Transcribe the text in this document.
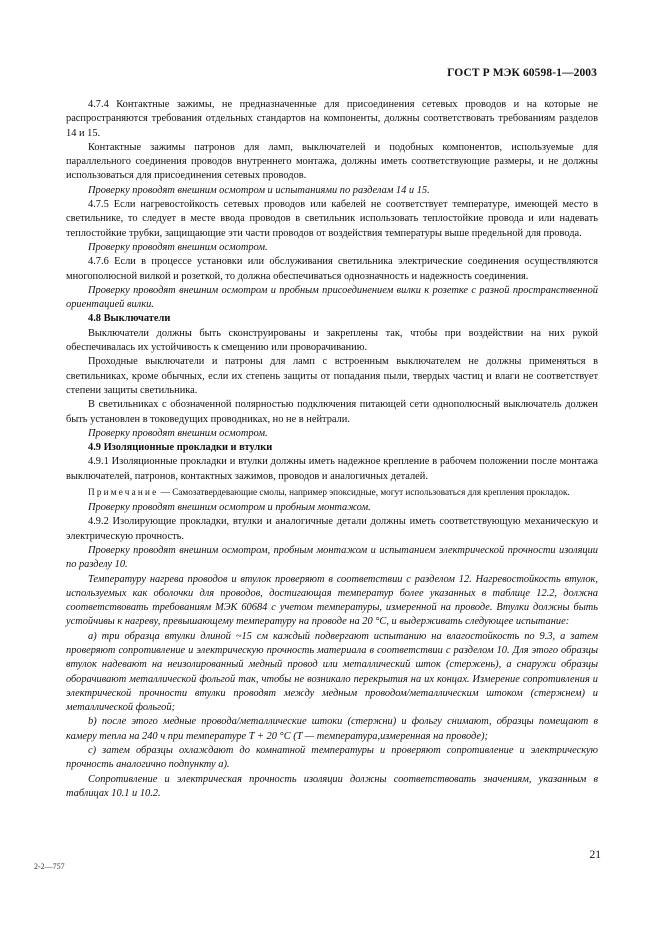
ГОСТ Р МЭК 60598-1—2003

4.7.4 Контактные зажимы, не предназначенные для присоединения сетевых проводов и на которые не распространяются требования отдельных стандартов на компоненты, должны соответствовать требованиям разделов 14 и 15.

Контактные зажимы патронов для ламп, выключателей и подобных компонентов, используемые для параллельного соединения проводов внутреннего монтажа, должны иметь соответствующие размеры, и не должны использоваться для присоединения сетевых проводов.

Проверку проводят внешним осмотром и испытаниями по разделам 14 и 15.

4.7.5 Если нагревостойкость сетевых проводов или кабелей не соответствует температуре, имеющей место в светильнике, то следует в месте ввода проводов в светильник использовать теплостойкие провода и или надевать теплостойкие трубки, защищающие эти части проводов от воздействия температуры выше предельной для провода.

Проверку проводят внешним осмотром.

4.7.6 Если в процессе установки или обслуживания светильника электрические соединения осуществляются многополюсной вилкой и розеткой, то должна обеспечиваться однозначность и надежность соединения.

Проверку проводят внешним осмотром и пробным присоединением вилки к розетке с разной пространственной ориентацией вилки.

4.8 Выключатели

Выключатели должны быть сконструированы и закреплены так, чтобы при воздействии на них рукой обеспечивалась их устойчивость к смещению или проворачиванию.

Проходные выключатели и патроны для ламп с встроенным выключателем не должны применяться в светильниках, кроме обычных, если их степень защиты от попадания пыли, твердых частиц и влаги не соответствует степени защиты светильника.

В светильниках с обозначенной полярностью подключения питающей сети однополюсный выключатель должен быть установлен в токоведущих проводниках, но не в нейтрали.

Проверку проводят внешним осмотром.

4.9 Изоляционные прокладки и втулки

4.9.1 Изоляционные прокладки и втулки должны иметь надежное крепление в рабочем положении после монтажа выключателей, патронов, контактных зажимов, проводов и аналогичных деталей.

Примечание — Самозатвердевающие смолы, например эпоксидные, могут использоваться для крепления прокладок.

Проверку проводят внешним осмотром и пробным монтажом.

4.9.2 Изолирующие прокладки, втулки и аналогичные детали должны иметь соответствующую механическую и электрическую прочность.

Проверку проводят внешним осмотром, пробным монтажом и испытанием электрической прочности изоляции по разделу 10.

Температуру нагрева проводов и втулок проверяют в соответствии с разделом 12. Нагревостойкость втулок, используемых как оболочки для проводов, достигающая температур более указанных в таблице 12.2, должна соответствовать требованиям МЭК 60684 с учетом температуры, измеренной на проводе. Втулки должны быть устойчивы к нагреву, превышающему температуру на проводе на 20 °C, и выдерживать следующее испытание:

а) три образца втулки длиной ~15 см каждый подвергают испытанию на влагостойкость по 9.3, а затем проверяют сопротивление и электрическую прочность материала в соответствии с разделом 10. Для этого образцы втулок надевают на неизолированный медный провод или металлический шток (стержень), а снаружи образцы оборачивают металлической фольгой так, чтобы не возникало перекрытия на их концах. Измерение сопротивления и электрической прочности втулки проводят между медным проводом/металлическим штоком (стержнем) и металлической фольгой;

b) после этого медные провода/металлические штоки (стержни) и фольгу снимают, образцы помещают в камеру тепла на 240 ч при температуре T + 20 °C (T — температура,измеренная на проводе);

с) затем образцы охлаждают до комнатной температуры и проверяют сопротивление и электрическую прочность аналогично подпункту а).

Сопротивление и электрическая прочность изоляции должны соответствовать значениям, указанным в таблицах 10.1 и 10.2.

2-2—757
21
